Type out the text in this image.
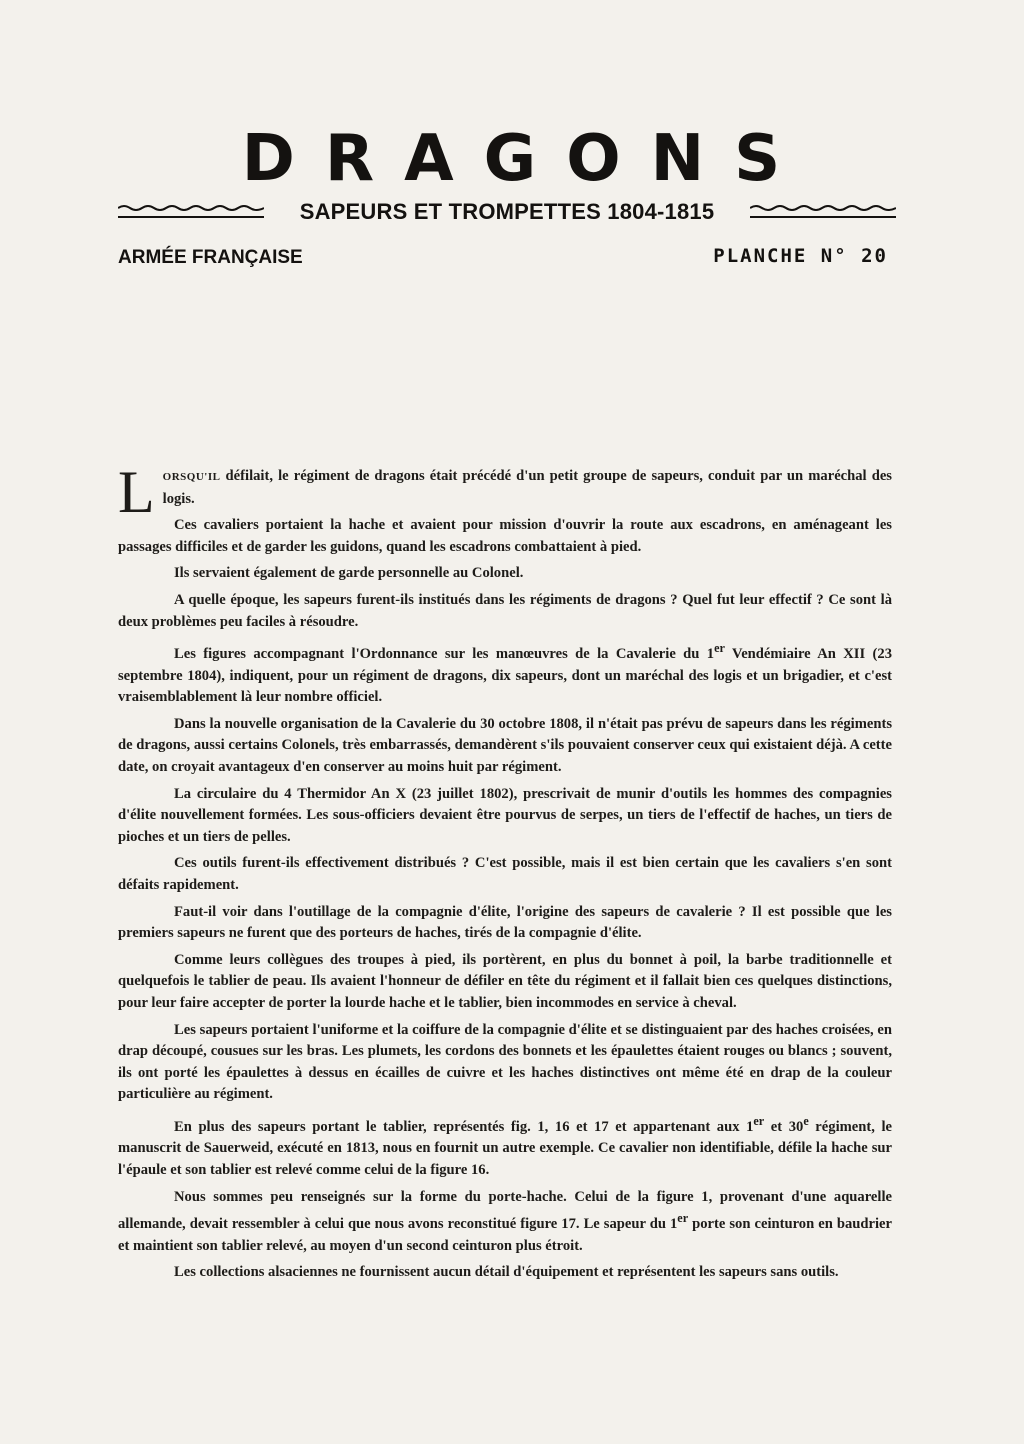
DRAGONS
SAPEURS ET TROMPETTES 1804-1815
ARMÉE FRANÇAISE	PLANCHE N° 20

LORSQU'IL défilait, le régiment de dragons était précédé d'un petit groupe de sapeurs, conduit par un maréchal des logis.

Ces cavaliers portaient la hache et avaient pour mission d'ouvrir la route aux escadrons, en aménageant les passages difficiles et de garder les guidons, quand les escadrons combattaient à pied.

Ils servaient également de garde personnelle au Colonel.

A quelle époque, les sapeurs furent-ils institués dans les régiments de dragons ? Quel fut leur effectif ? Ce sont là deux problèmes peu faciles à résoudre.

Les figures accompagnant l'Ordonnance sur les manœuvres de la Cavalerie du 1er Vendémiaire An XII (23 septembre 1804), indiquent, pour un régiment de dragons, dix sapeurs, dont un maréchal des logis et un brigadier, et c'est vraisemblablement là leur nombre officiel.

Dans la nouvelle organisation de la Cavalerie du 30 octobre 1808, il n'était pas prévu de sapeurs dans les régiments de dragons, aussi certains Colonels, très embarrassés, demandèrent s'ils pouvaient conserver ceux qui existaient déjà. A cette date, on croyait avantageux d'en conserver au moins huit par régiment.

La circulaire du 4 Thermidor An X (23 juillet 1802), prescrivait de munir d'outils les hommes des compagnies d'élite nouvellement formées. Les sous-officiers devaient être pourvus de serpes, un tiers de l'effectif de haches, un tiers de pioches et un tiers de pelles.

Ces outils furent-ils effectivement distribués ? C'est possible, mais il est bien certain que les cavaliers s'en sont défaits rapidement.

Faut-il voir dans l'outillage de la compagnie d'élite, l'origine des sapeurs de cavalerie ? Il est possible que les premiers sapeurs ne furent que des porteurs de haches, tirés de la compagnie d'élite.

Comme leurs collègues des troupes à pied, ils portèrent, en plus du bonnet à poil, la barbe traditionnelle et quelquefois le tablier de peau. Ils avaient l'honneur de défiler en tête du régiment et il fallait bien ces quelques distinctions, pour leur faire accepter de porter la lourde hache et le tablier, bien incommodes en service à cheval.

Les sapeurs portaient l'uniforme et la coiffure de la compagnie d'élite et se distinguaient par des haches croisées, en drap découpé, cousues sur les bras. Les plumets, les cordons des bonnets et les épaulettes étaient rouges ou blancs ; souvent, ils ont porté les épaulettes à dessus en écailles de cuivre et les haches distinctives ont même été en drap de la couleur particulière au régiment.

En plus des sapeurs portant le tablier, représentés fig. 1, 16 et 17 et appartenant aux 1er et 30e régiment, le manuscrit de Sauerweid, exécuté en 1813, nous en fournit un autre exemple. Ce cavalier non identifiable, défile la hache sur l'épaule et son tablier est relevé comme celui de la figure 16.

Nous sommes peu renseignés sur la forme du porte-hache. Celui de la figure 1, provenant d'une aquarelle allemande, devait ressembler à celui que nous avons reconstitué figure 17. Le sapeur du 1er porte son ceinturon en baudrier et maintient son tablier relevé, au moyen d'un second ceinturon plus étroit.

Les collections alsaciennes ne fournissent aucun détail d'équipement et représentent les sapeurs sans outils.
